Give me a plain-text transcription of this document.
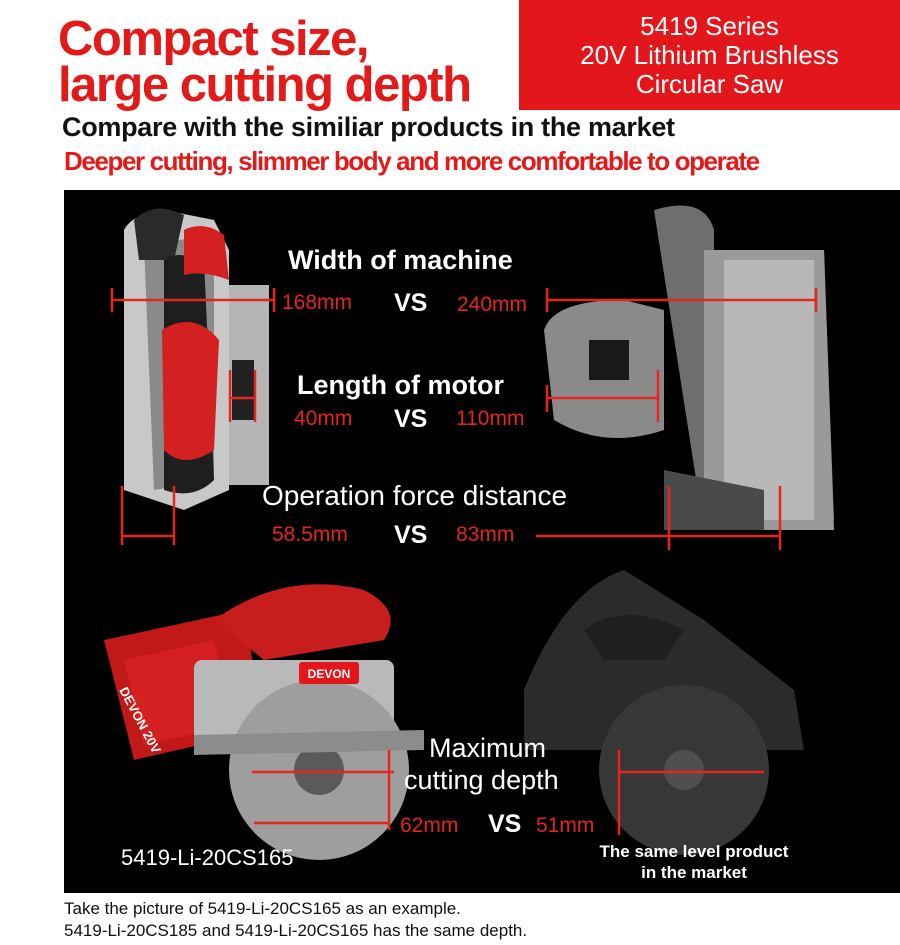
Compact size,
large cutting depth
5419 Series
20V Lithium Brushless
Circular Saw
Compare with the similiar products in the market
Deeper cutting, slimmer body and more comfortable to operate
DEVON 20V
DEVON
Width of machine
168mm VS 240mm
Length of motor
40mm VS 110mm
Operation force distance
58.5mm VS 83mm
Maximum
cutting depth
62mm VS 51mm
5419-Li-20CS165	The same level product
in the market
Take the picture of 5419-Li-20CS165 as an example.
5419-Li-20CS185 and 5419-Li-20CS165 has the same depth.
